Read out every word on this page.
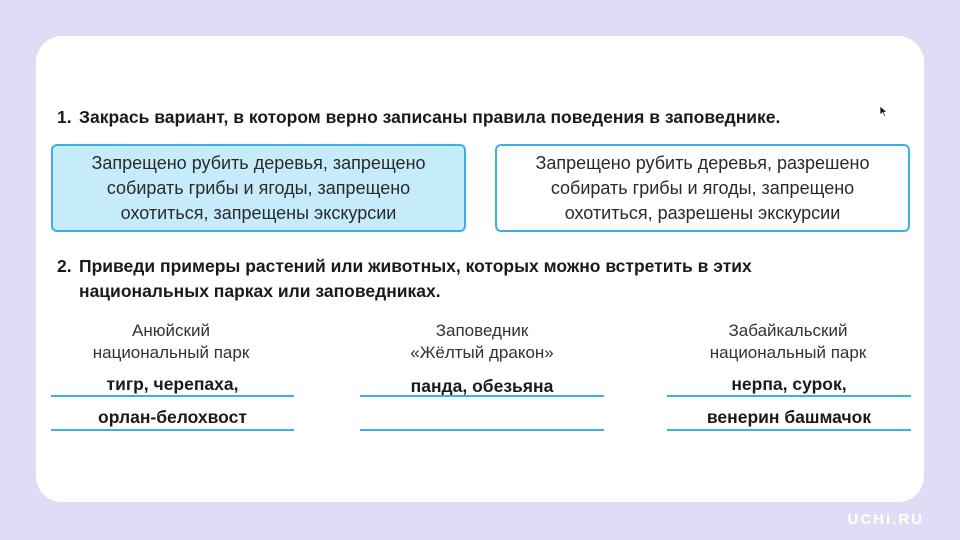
1. Закрась вариант, в котором верно записаны правила поведения в заповеднике.
Запрещено рубить деревья, запрещено
собирать грибы и ягоды, запрещено
охотиться, запрещены экскурсии
Запрещено рубить деревья, разрешено
собирать грибы и ягоды, запрещено
охотиться, разрешены экскурсии
2. Приведи примеры растений или животных, которых можно встретить в этих
национальных парках или заповедниках.
Анюйский
национальный парк
тигр, черепаха,
орлан-белохвост
Заповедник
«Жёлтый дракон»
панда, обезьяна
Забайкальский
национальный парк
нерпа, сурок,
венерин башмачок
UCHi.RU
